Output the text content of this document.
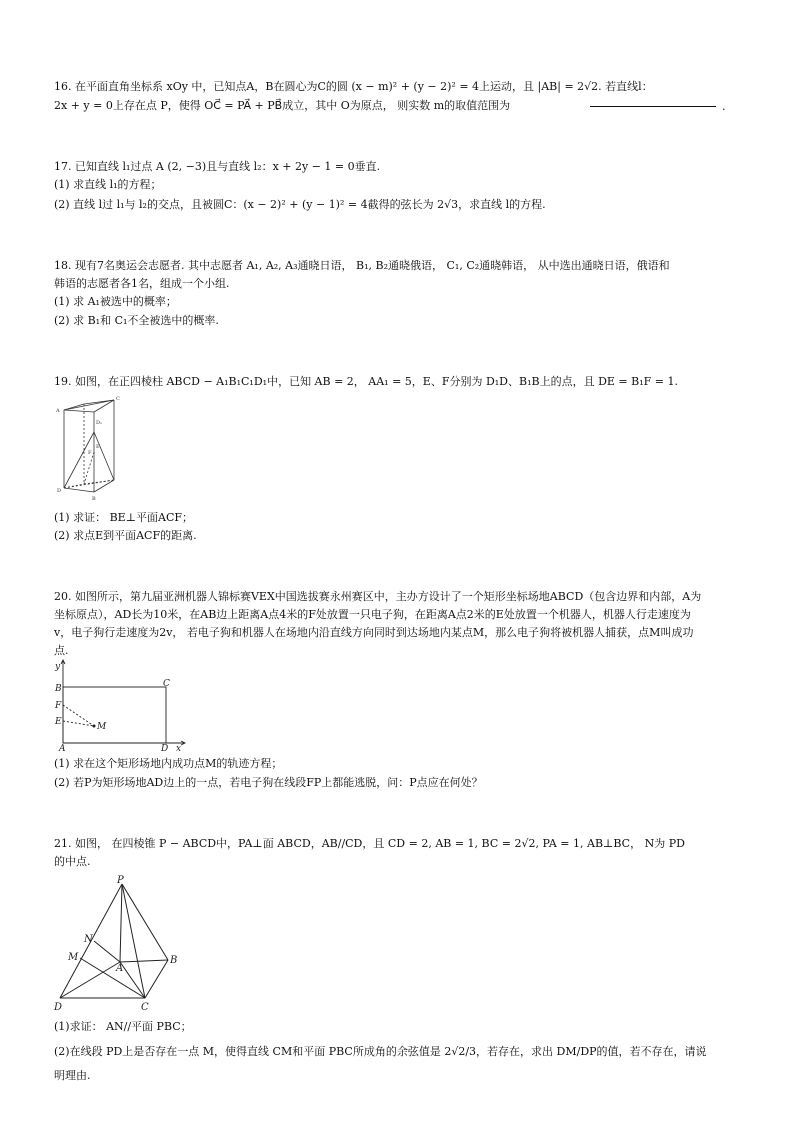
16. 在平面直角坐标系 xOy 中，已知点A，B在圆心为C的圆 (x − m)² + (y − 2)² = 4上运动，且 |AB| = 2√2. 若直线l：
2x + y = 0上存在点 P，使得 OC⃗ = PA⃗ + PB⃗成立，其中 O为原点， 则实数 m的取值范围为	.
17. 已知直线 l₁过点 A (2, −3)且与直线 l₂：x + 2y − 1 = 0垂直.
(1) 求直线 l₁的方程；
(2) 直线 l过 l₁与 l₂的交点，且被圆C：(x − 2)² + (y − 1)² = 4截得的弦长为 2√3，求直线 l的方程.
18. 现有7名奥运会志愿者. 其中志愿者 A₁, A₂, A₃通晓日语， B₁, B₂通晓俄语， C₁, C₂通晓韩语， 从中选出通晓日语，俄语和
韩语的志愿者各1名，组成一个小组.
(1) 求 A₁被选中的概率；
(2) 求 B₁和 C₁不全被选中的概率.
19. 如图，在正四棱柱 ABCD − A₁B₁C₁D₁中，已知 AB = 2， AA₁ = 5，E、F分别为 D₁D、B₁B上的点，且 DE = B₁F = 1.
A
C
D₁
E
F
D
B
(1) 求证： BE⊥平面ACF；
(2) 求点E到平面ACF的距离.
20. 如图所示，第九届亚洲机器人锦标赛VEX中国选拔赛永州赛区中，主办方设计了一个矩形坐标场地ABCD（包含边界和内部，A为
坐标原点），AD长为10米，在AB边上距离A点4米的F处放置一只电子狗，在距离A点2米的E处放置一个机器人，机器人行走速度为
v，电子狗行走速度为2v， 若电子狗和机器人在场地内沿直线方向同时到达场地内某点M，那么电子狗将被机器人捕获，点M叫成功
点.
y
B	C
F
E	M
A	D x
(1) 求在这个矩形场地内成功点M的轨迹方程；
(2) 若P为矩形场地AD边上的一点，若电子狗在线段FP上都能逃脱，问：P点应在何处？
21. 如图， 在四棱锥 P − ABCD中，PA⊥面 ABCD，AB//CD，且 CD = 2, AB = 1, BC = 2√2, PA = 1, AB⊥BC， N为 PD
的中点.
P
N
M
A
B
D	C
(1)求证： AN//平面 PBC；
(2)在线段 PD上是否存在一点 M，使得直线 CM和平面 PBC所成角的余弦值是 2√2/3，若存在，求出 DM/DP的值，若不存在，请说
明理由.
